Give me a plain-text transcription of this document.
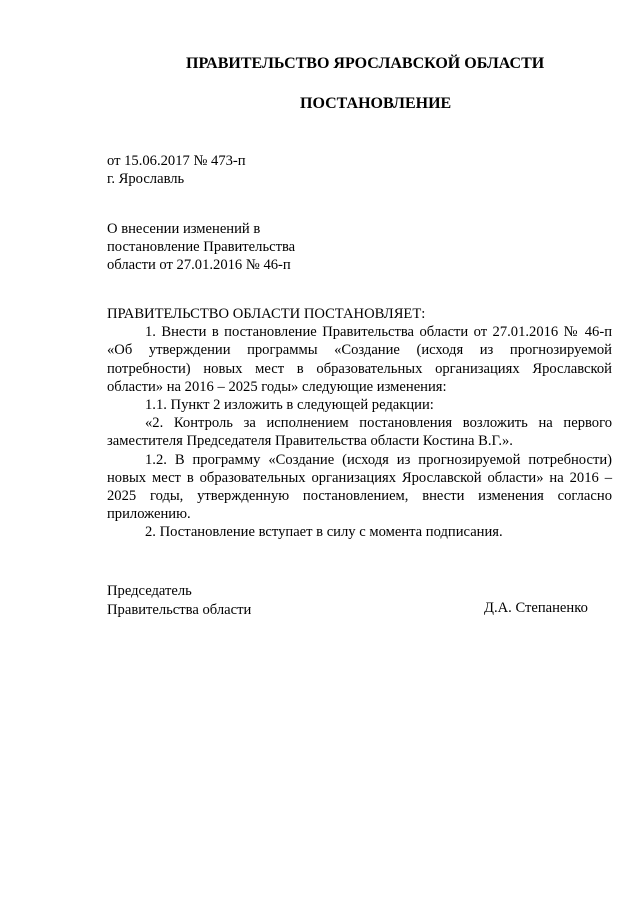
ПРАВИТЕЛЬСТВО ЯРОСЛАВСКОЙ ОБЛАСТИ
ПОСТАНОВЛЕНИЕ
от 15.06.2017 № 473-п
г. Ярославль
О внесении изменений в
постановление Правительства
области от 27.01.2016 № 46-п

ПРАВИТЕЛЬСТВО ОБЛАСТИ ПОСТАНОВЛЯЕТ:

1. Внести в постановление Правительства области от 27.01.2016 № 46-п «Об утверждении программы «Создание (исходя из прогнозируемой потребности) новых мест в образовательных организациях Ярославской области» на 2016 – 2025 годы» следующие изменения:

1.1. Пункт 2 изложить в следующей редакции:

«2. Контроль за исполнением постановления возложить на первого заместителя Председателя Правительства области Костина В.Г.».

1.2. В программу «Создание (исходя из прогнозируемой потребности) новых мест в образовательных организациях Ярославской области» на 2016 – 2025 годы, утвержденную постановлением, внести изменения согласно приложению.

2. Постановление вступает в силу с момента подписания.

Председатель
Правительства области	Д.А. Степаненко
